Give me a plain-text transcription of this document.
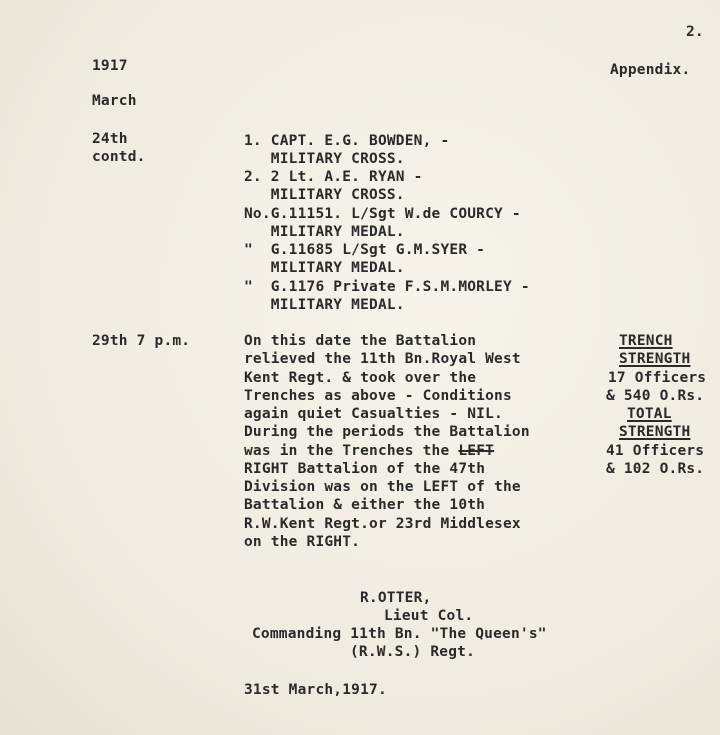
2.
1917	Appendix.
March
24th
contd.
1. CAPT. E.G. BOWDEN, -
MILITARY CROSS.
2. 2 Lt. A.E. RYAN -
MILITARY CROSS.
No.G.11151. L/Sgt W.de COURCY -
MILITARY MEDAL.
"  G.11685 L/Sgt G.M.SYER -
MILITARY MEDAL.
"  G.1176 Private F.S.M.MORLEY -
MILITARY MEDAL.
29th 7 p.m.	On this date the Battalion
relieved the 11th Bn.Royal West
Kent Regt. & took over the
Trenches as above - Conditions
again quiet Casualties - NIL.
During the periods the Battalion
was in the Trenches the LEFT
RIGHT Battalion of the 47th
Division was on the LEFT of the
Battalion & either the 10th
R.W.Kent Regt.or 23rd Middlesex
on the RIGHT.
TRENCH
STRENGTH
17 Officers
& 540 O.Rs.
TOTAL
STRENGTH
41 Officers
& 102 O.Rs.
R.OTTER,
Lieut Col.
Commanding 11th Bn. "The Queen's"
(R.W.S.) Regt.
31st March,1917.
